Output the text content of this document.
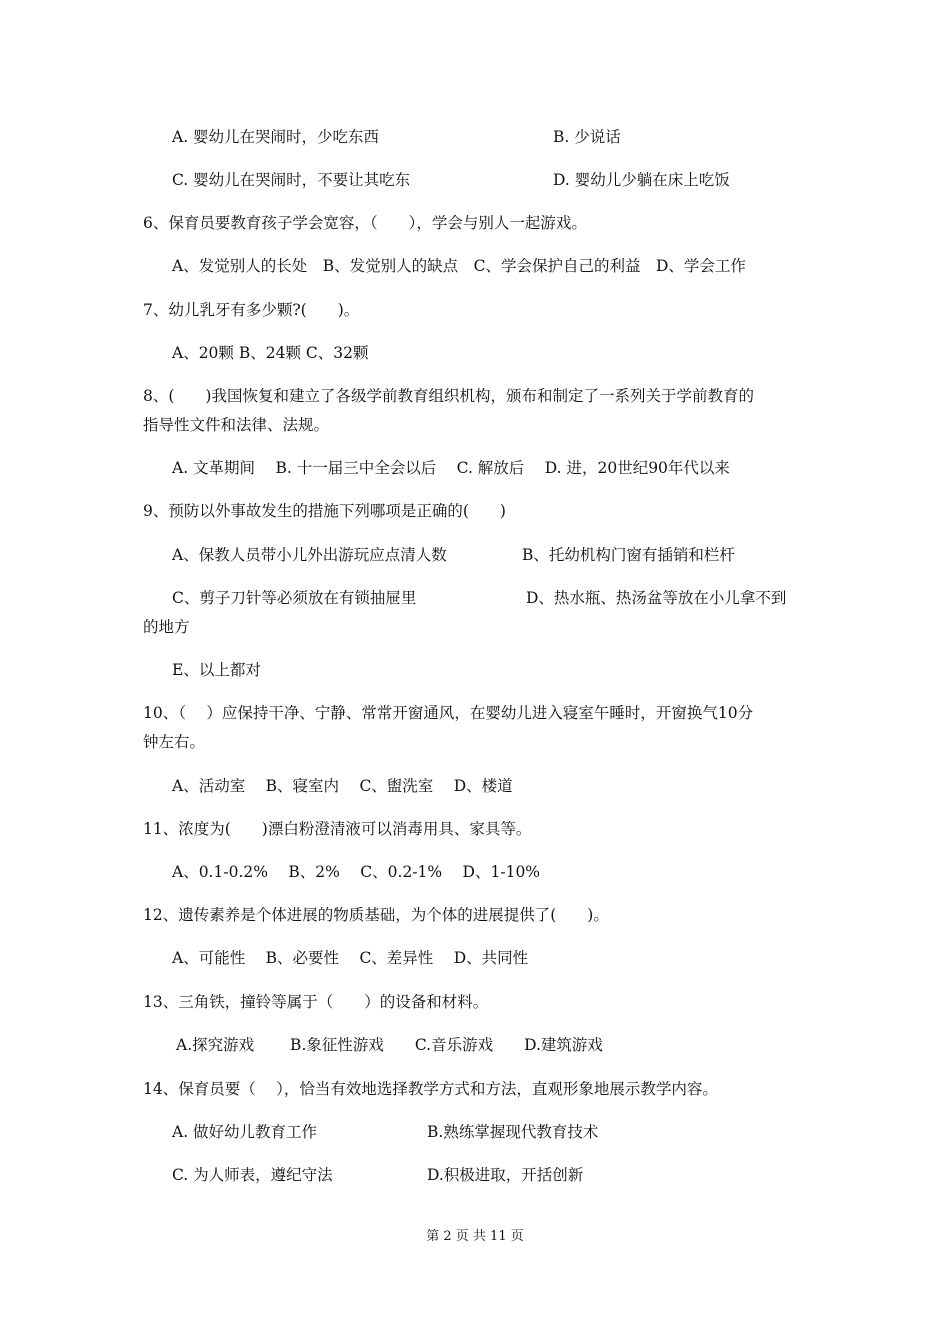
A. 婴幼儿在哭闹时，少吃东西	B. 少说话
C. 婴幼儿在哭闹时，不要让其吃东	D. 婴幼儿少躺在床上吃饭
6、保育员要教育孩子学会宽容，（　　），学会与别人一起游戏。
A、发觉别人的长处　B、发觉别人的缺点　C、学会保护自己的利益　D、学会工作
7、幼儿乳牙有多少颗?(　　)。
A、20颗 B、24颗 C、32颗
8、(　　)我国恢复和建立了各级学前教育组织机构，颁布和制定了一系列关于学前教育的
指导性文件和法律、法规。
A. 文革期间　 B. 十一届三中全会以后　 C. 解放后　 D. 进，20世纪90年代以来
9、预防以外事故发生的措施下列哪项是正确的(　　)
A、保教人员带小儿外出游玩应点清人数	B、托幼机构门窗有插销和栏杆
C、剪子刀针等必须放在有锁抽屉里	D、热水瓶、热汤盆等放在小儿拿不到
的地方
E、以上都对
10、（　 ）应保持干净、宁静、常常开窗通风，在婴幼儿进入寝室午睡时，开窗换气10分
钟左右。
A、活动室　 B、寝室内　 C、盥洗室　 D、楼道
11、浓度为(　　)漂白粉澄清液可以消毒用具、家具等。
A、0.1-0.2%　 B、2%　 C、0.2-1%　 D、1-10%
12、遗传素养是个体进展的物质基础，为个体的进展提供了(　　)。
A、可能性　 B、必要性　 C、差异性　 D、共同性
13、三角铁，撞铃等属于（　　）的设备和材料。
A.探究游戏　　 B.象征性游戏　　C.音乐游戏　　D.建筑游戏
14、保育员要（　 ），恰当有效地选择教学方式和方法，直观形象地展示教学内容。
A. 做好幼儿教育工作	B.熟练掌握现代教育技术
C. 为人师表，遵纪守法	D.积极进取，开括创新
第 2 页 共 11 页
